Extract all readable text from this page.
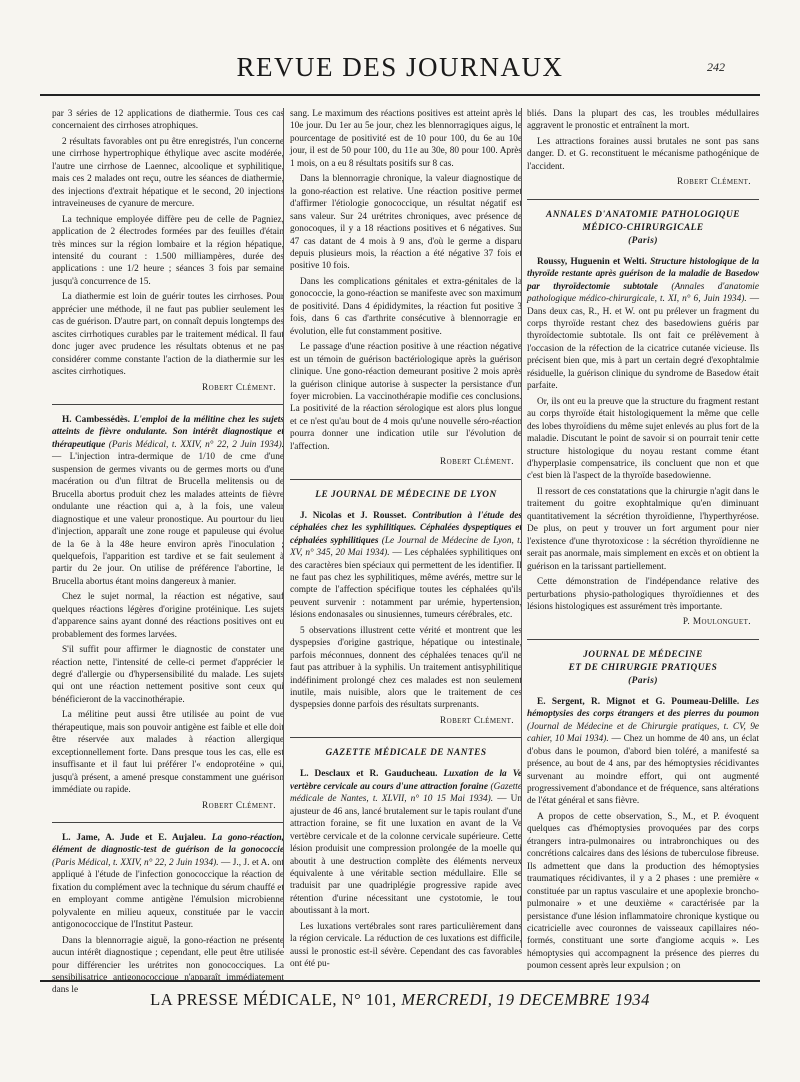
REVUE DES JOURNAUX	242

par 3 séries de 12 applications de diathermie. Tous ces cas concernaient des cirrhoses atrophiques.

2 résultats favorables ont pu être enregistrés, l'un concerne une cirrhose hypertrophique éthylique avec ascite modérée, l'autre une cirrhose de Laennec, alcoolique et syphilitique, mais ces 2 malades ont reçu, outre les séances de diathermie, des injections d'extrait hépatique et le second, 20 injections intraveineuses de cyanure de mercure.

La technique employée diffère peu de celle de Pagniez, application de 2 électrodes formées par des feuilles d'étain très minces sur la région lombaire et la région hépatique, intensité du courant : 1.500 milliampères, durée des applications : une 1/2 heure ; séances 3 fois par semaine jusqu'à concurrence de 15.

La diathermie est loin de guérir toutes les cirrhoses. Pour apprécier une méthode, il ne faut pas publier seulement les cas de guérison. D'autre part, on connaît depuis longtemps des ascites cirrhotiques curables par le traitement médical. Il faut donc juger avec prudence les résultats obtenus et ne pas considérer comme constante l'action de la diathermie sur les ascites cirrhotiques.

Robert Clément.

H. Cambessédès. L'emploi de la mélitine chez les sujets atteints de fièvre ondulante. Son intérêt diagnostique et thérapeutique (Paris Médical, t. XXIV, n° 22, 2 Juin 1934). — L'injection intra-dermique de 1/10 de cme d'une suspension de germes vivants ou de germes morts ou d'une macération ou d'un filtrat de Brucella melitensis ou de Brucella abortus produit chez les malades atteints de fièvre ondulante une réaction qui a, à la fois, une valeur diagnostique et une valeur pronostique. Au pourtour du lieu d'injection, apparaît une zone rouge et papuleuse qui évolue de la 6e à la 48e heure environ après l'inoculation ; quelquefois, l'apparition est tardive et se fait seulement à partir du 2e jour. On utilise de préférence l'abortine, le Brucella abortus étant moins dangereux à manier.

Chez le sujet normal, la réaction est négative, sauf quelques réactions légères d'origine protéinique. Les sujets d'apparence sains ayant donné des réactions positives ont eu probablement des formes larvées.

S'il suffit pour affirmer le diagnostic de constater une réaction nette, l'intensité de celle-ci permet d'apprécier le degré d'allergie ou d'hypersensibilité du malade. Les sujets qui ont une réaction nettement positive sont ceux qui bénéficieront de la vaccinothérapie.

La mélitine peut aussi être utilisée au point de vue thérapeutique, mais son pouvoir antigène est faible et elle doit être réservée aux malades à réaction allergique exceptionnellement forte. Dans presque tous les cas, elle est insuffisante et il faut lui préférer l'« endoprotéine » qui, jusqu'à présent, a amené presque constamment une guérison immédiate ou rapide.

Robert Clément.

L. Jame, A. Jude et E. Aujaleu. La gono-réaction, élément de diagnostic-test de guérison de la gonococcie (Paris Médical, t. XXIV, n° 22, 2 Juin 1934). — J., J. et A. ont appliqué à l'étude de l'infection gonococcique la réaction de fixation du complément avec la technique du sérum chauffé et en employant comme antigène l'émulsion microbienne polyvalente en milieu aqueux, constituée par le vaccin antigonococcique de l'Institut Pasteur.

Dans la blennorragie aiguë, la gono-réaction ne présente aucun intérêt diagnostique ; cependant, elle peut être utilisée pour différencier les urétrites non gonococciques. La sensibilisatrice antigonococcique n'apparaît immédiatement dans le

sang. Le maximum des réactions positives est atteint après le 10e jour. Du 1er au 5e jour, chez les blennorragiques aigus, le pourcentage de positivité est de 10 pour 100, du 6e au 10e jour, il est de 50 pour 100, du 11e au 30e, 80 pour 100. Après 1 mois, on a eu 8 résultats positifs sur 8 cas.

Dans la blennorragie chronique, la valeur diagnostique de la gono-réaction est relative. Une réaction positive permet d'affirmer l'étiologie gonococcique, un résultat négatif est sans valeur. Sur 24 urétrites chroniques, avec présence de gonocoques, il y a 18 réactions positives et 6 négatives. Sur 47 cas datant de 4 mois à 9 ans, d'où le germe a disparu depuis plusieurs mois, la réaction a été négative 37 fois et positive 10 fois.

Dans les complications génitales et extra-génitales de la gonococcie, la gono-réaction se manifeste avec son maximum de positivité. Dans 4 épididymites, la réaction fut positive 3 fois, dans 6 cas d'arthrite consécutive à blennorragie en évolution, elle fut constamment positive.

Le passage d'une réaction positive à une réaction négative est un témoin de guérison bactériologique après la guérison clinique. Une gono-réaction demeurant positive 2 mois après la guérison clinique autorise à suspecter la persistance d'un foyer microbien. La vaccinothérapie modifie ces conclusions. La positivité de la réaction sérologique est alors plus longue et ce n'est qu'au bout de 4 mois qu'une nouvelle séro-réaction pourra donner une indication utile sur l'évolution de l'affection.

Robert Clément.
LE JOURNAL DE MÉDECINE DE LYON

J. Nicolas et J. Rousset. Contribution à l'étude des céphalées chez les syphilitiques. Céphalées dyspeptiques et céphalées syphilitiques (Le Journal de Médecine de Lyon, t. XV, n° 345, 20 Mai 1934). — Les céphalées syphilitiques ont des caractères bien spéciaux qui permettent de les identifier. Il ne faut pas chez les syphilitiques, même avérés, mettre sur le compte de l'affection spécifique toutes les céphalées qu'ils peuvent survenir : notamment par urémie, hypertension, lésions endonasales ou sinusiennes, tumeurs cérébrales, etc.

5 observations illustrent cette vérité et montrent que les dyspepsies d'origine gastrique, hépatique ou intestinale, parfois méconnues, donnent des céphalées tenaces qu'il ne faut pas attribuer à la syphilis. Un traitement antisyphilitique indéfiniment prolongé chez ces malades est non seulement inutile, mais nuisible, alors que le traitement de ces dyspepsies donne parfois des résultats surprenants.

Robert Clément.
GAZETTE MÉDICALE DE NANTES

L. Desclaux et R. Gauducheau. Luxation de la Ve vertèbre cervicale au cours d'une attraction foraine (Gazette médicale de Nantes, t. XLVII, n° 10 15 Mai 1934). — Un ajusteur de 46 ans, lancé brutalement sur le tapis roulant d'une attraction foraine, se fit une luxation en avant de la Ve vertèbre cervicale et de la colonne cervicale supérieure. Cette lésion produisit une compression prolongée de la moelle qui aboutit à une destruction complète des éléments nerveux équivalente à une véritable section médullaire. Elle se traduisit par une quadriplégie progressive rapide avec rétention d'urine nécessitant une cystotomie, le tout aboutissant à la mort.

Les luxations vertébrales sont rares particulièrement dans la région cervicale. La réduction de ces luxations est difficile, aussi le pronostic est-il sévère. Cependant des cas favorables ont été pu-

bliés. Dans la plupart des cas, les troubles médullaires aggravent le pronostic et entraînent la mort.

Les attractions foraines aussi brutales ne sont pas sans danger. D. et G. reconstituent le mécanisme pathogénique de l'accident.

Robert Clément.
ANNALES D'ANATOMIE PATHOLOGIQUE
MÉDICO-CHIRURGICALE
(Paris)

Roussy, Huguenin et Welti. Structure histologique de la thyroïde restante après guérison de la maladie de Basedow par thyroïdectomie subtotale (Annales d'anatomie pathologique médico-chirurgicale, t. XI, n° 6, Juin 1934). — Dans deux cas, R., H. et W. ont pu prélever un fragment du corps thyroïde restant chez des basedowiens guéris par thyroïdectomie subtotale. Ils ont fait ce prélèvement à l'occasion de la réfection de la cicatrice cutanée vicieuse. Ils précisent bien que, mis à part un certain degré d'exophtalmie résiduelle, la guérison clinique du syndrome de Basedow était parfaite.

Or, ils ont eu la preuve que la structure du fragment restant au corps thyroïde était histologiquement la même que celle des lobes thyroïdiens du même sujet enlevés au plus fort de la maladie. Discutant le point de savoir si on pourrait tenir cette structure histologique du noyau restant comme étant d'hyperplasie compensatrice, ils concluent que non et que c'est bien là l'aspect de la thyroïde basedowienne.

Il ressort de ces constatations que la chirurgie n'agit dans le traitement du goitre exophtalmique qu'en diminuant quantitativement la sécrétion thyroïdienne, l'hyperthyréose. De plus, on peut y trouver un fort argument pour nier l'existence d'une thyrotoxicose : la sécrétion thyroïdienne ne serait pas anormale, mais simplement en excès et on obtient la guérison en la tarissant partiellement.

Cette démonstration de l'indépendance relative des perturbations physio-pathologiques thyroïdiennes et des lésions histologiques est assurément très importante.

P. Moulonguet.
JOURNAL DE MÉDECINE
ET DE CHIRURGIE PRATIQUES
(Paris)

E. Sergent, R. Mignot et G. Poumeau-Delille. Les hémoptysies des corps étrangers et des pierres du poumon (Journal de Médecine et de Chirurgie pratiques, t. CV, 9e cahier, 10 Mai 1934). — Chez un homme de 40 ans, un éclat d'obus dans le poumon, d'abord bien toléré, a manifesté sa présence, au bout de 4 ans, par des hémoptysies récidivantes survenant au moindre effort, qui ont augmenté progressivement d'abondance et de fréquence, sans altérations de l'état général et sans fièvre.

A propos de cette observation, S., M., et P. évoquent quelques cas d'hémoptysies provoquées par des corps étrangers intra-pulmonaires ou intrabronchiques ou des concrétions calcaires dans des lésions de tuberculose fibreuse. Ils admettent que dans la production des hémoptysies traumatiques récidivantes, il y a 2 phases : une première « constituée par un raptus vasculaire et une apoplexie broncho-pulmonaire » et une deuxième « caractérisée par la persistance d'une lésion inflammatoire chronique kystique ou cicatricielle avec couronnes de vaisseaux capillaires néo-formés, constituant une sorte d'angiome acquis ». Les hémoptysies qui accompagnent la présence des pierres du poumon cessent après leur expulsion ; on

LA PRESSE MÉDICALE, N° 101, MERCREDI, 19 DECEMBRE 1934
